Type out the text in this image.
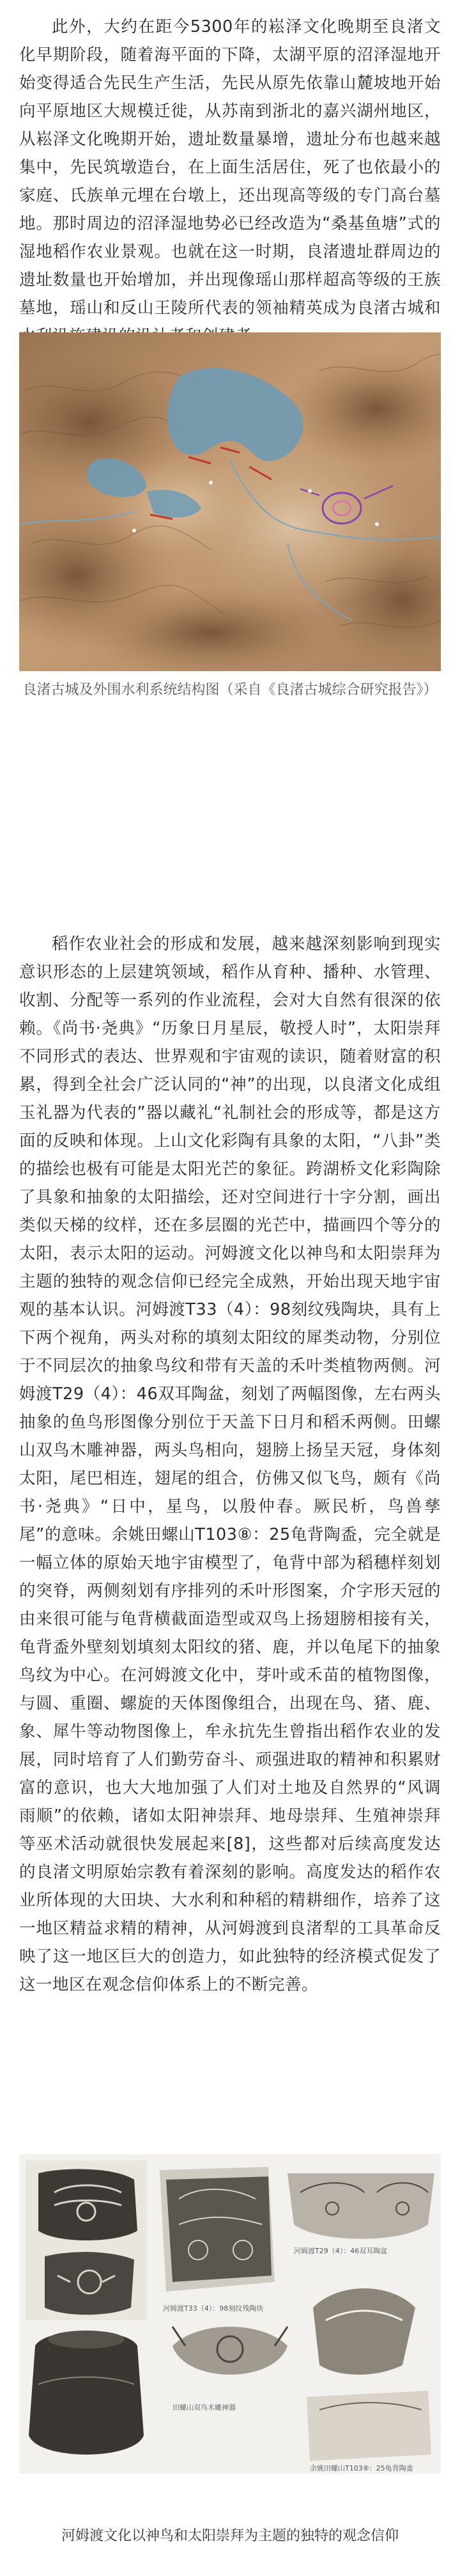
此外，大约在距今5300年的崧泽文化晚期至良渚文化早期阶段，随着海平面的下降，太湖平原的沼泽湿地开始变得适合先民生产生活，先民从原先依靠山麓坡地开始向平原地区大规模迁徙，从苏南到浙北的嘉兴湖州地区，从崧泽文化晚期开始，遗址数量暴增，遗址分布也越来越集中，先民筑墩造台，在上面生活居住，死了也依最小的家庭、氏族单元埋在台墩上，还出现高等级的专门高台墓地。那时周边的沼泽湿地势必已经改造为“桑基鱼塘”式的湿地稻作农业景观。也就在这一时期，良渚遗址群周边的遗址数量也开始增加，并出现像瑶山那样超高等级的王族墓地，瑶山和反山王陵所代表的领袖精英成为良渚古城和

良渚古城及外围水利系统结构图（采自《良渚古城综合研究报告》）

稻作农业社会的形成和发展，越来越深刻影响到现实意识形态的上层建筑领域，稻作从育种、播种、水管理、收割、分配等一系列的作业流程，会对大自然有很深的依赖。《尚书·尧典》“历象日月星辰，敬授人时”，太阳崇拜不同形式的表达、世界观和宇宙观的读识，随着财富的积累，得到全社会广泛认同的“神”的出现，以良渚文化成组玉礼器为代表的”器以藏礼“礼制社会的形成等，都是这方面的反映和体现。上山文化彩陶有具象的太阳，“八卦”类的描绘也极有可能是太阳光芒的象征。跨湖桥文化彩陶除了具象和抽象的太阳描绘，还对空间进行十字分割，画出类似天梯的纹样，还在多层圈的光芒中，描画四个等分的太阳，表示太阳的运动。河姆渡文化以神鸟和太阳崇拜为主题的独特的观念信仰已经完全成熟，开始出现天地宇宙观的基本认识。河姆渡T33（4）：98刻纹残陶块，具有上下两个视角，两头对称的填刻太阳纹的犀类动物，分别位于不同层次的抽象鸟纹和带有天盖的禾叶类植物两侧。河姆渡T29（4）：46双耳陶盆，刻划了两幅图像，左右两头抽象的鱼鸟形图像分别位于天盖下日月和稻禾两侧。田螺山双鸟木雕神器，两头鸟相向，翅膀上扬呈天冠，身体刻太阳，尾巴相连，翅尾的组合，仿佛又似飞鸟，颇有《尚书·尧典》“日中，星鸟，以殷仲春。厥民析，鸟兽孳尾”的意味。余姚田螺山T103⑧：25龟背陶盉，完全就是一幅立体的原始天地宇宙模型了，龟背中部为稻穗样刻划的突脊，两侧刻划有序排列的禾叶形图案，介字形天冠的由来很可能与龟背横截面造型或双鸟上扬翅膀相接有关，龟背盉外壁刻划填刻太阳纹的猪、鹿，并以龟尾下的抽象鸟纹为中心。在河姆渡文化中，芽叶或禾苗的植物图像，与圆、重圈、螺旋的天体图像组合，出现在鸟、猪、鹿、象、犀牛等动物图像上，牟永抗先生曾指出稻作农业的发展，同时培育了人们勤劳奋斗、顽强进取的精神和积累财富的意识，也大大地加强了人们对土地及自然界的“风调雨顺”的依赖，诸如太阳神崇拜、地母崇拜、生殖神崇拜等巫术活动就很快发展起来[8]，这些都对后续高度发达的良渚文明原始宗教有着深刻的影响。高度发达的稻作农业所体现的大田块、大水利和种稻的精耕细作，培养了这一地区精益求精的精神，从河姆渡到良渚犁的工具革命反映了这一地区巨大的创造力，如此独特的经济模式促发了这一地区在观念信仰体系上的不断完善。

河姆渡T33（4）：98刻纹残陶块
河姆渡T29（4）：46双耳陶盆
田螺山双鸟木雕神器
余姚田螺山T103⑧：25龟背陶盉

河姆渡文化以神鸟和太阳崇拜为主题的独特的观念信仰
